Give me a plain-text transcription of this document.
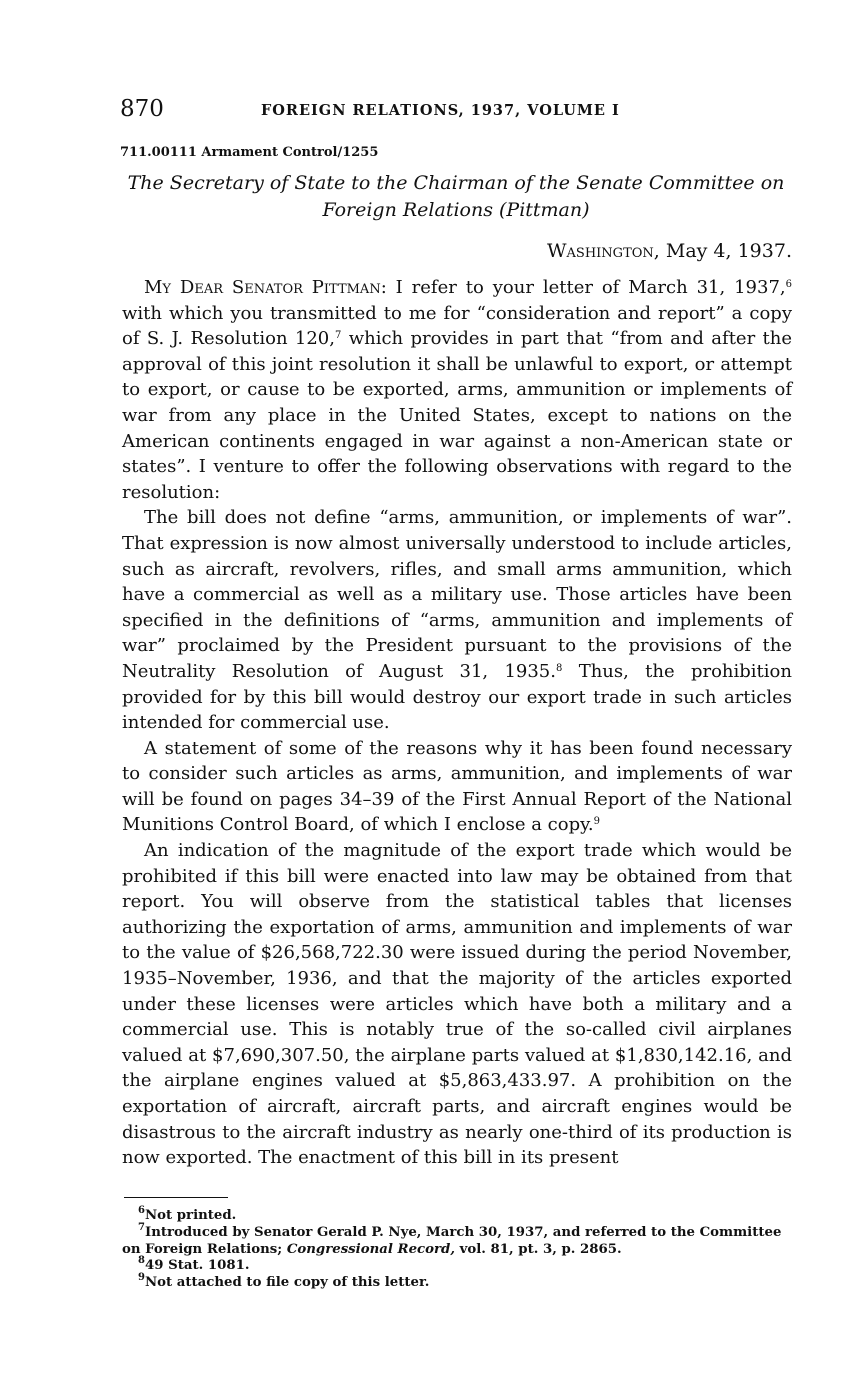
870	FOREIGN RELATIONS, 1937, VOLUME I
711.00111 Armament Control/1255
The Secretary of State to the Chairman of the Senate Committee on
Foreign Relations (Pittman)
Washington, May 4, 1937.

My Dear Senator Pittman: I refer to your letter of March 31, 1937,$^6$ with which you transmitted to me for “consideration and report” a copy of S. J. Resolution 120,$^7$ which provides in part that “from and after the approval of this joint resolution it shall be unlawful to export, or attempt to export, or cause to be exported, arms, ammunition or implements of war from any place in the United States, except to nations on the American continents engaged in war against a non-American state or states”. I venture to offer the following observations with regard to the resolution:

The bill does not define “arms, ammunition, or implements of war”. That expression is now almost universally understood to include articles, such as aircraft, revolvers, rifles, and small arms ammunition, which have a commercial as well as a military use. Those articles have been specified in the definitions of “arms, ammunition and implements of war” proclaimed by the President pursuant to the provisions of the Neutrality Resolution of August 31, 1935.$^8$ Thus, the prohibition provided for by this bill would destroy our export trade in such articles intended for commercial use.

A statement of some of the reasons why it has been found necessary to consider such articles as arms, ammunition, and implements of war will be found on pages 34–39 of the First Annual Report of the National Munitions Control Board, of which I enclose a copy.$^9$

An indication of the magnitude of the export trade which would be prohibited if this bill were enacted into law may be obtained from that report. You will observe from the statistical tables that licenses authorizing the exportation of arms, ammunition and implements of war to the value of $26,568,722.30 were issued during the period November, 1935–November, 1936, and that the majority of the articles exported under these licenses were articles which have both a military and a commercial use. This is notably true of the so-called civil airplanes valued at $7,690,307.50, the airplane parts valued at $1,830,142.16, and the airplane engines valued at $5,863,433.97. A prohibition on the exportation of aircraft, aircraft parts, and aircraft engines would be disastrous to the aircraft industry as nearly one-third of its production is now exported. The enactment of this bill in its present

$^6$Not printed.

$^7$Introduced by Senator Gerald P. Nye, March 30, 1937, and referred to the Committee on Foreign Relations; Congressional Record, vol. 81, pt. 3, p. 2865.

$^8$49 Stat. 1081.

$^9$Not attached to file copy of this letter.
